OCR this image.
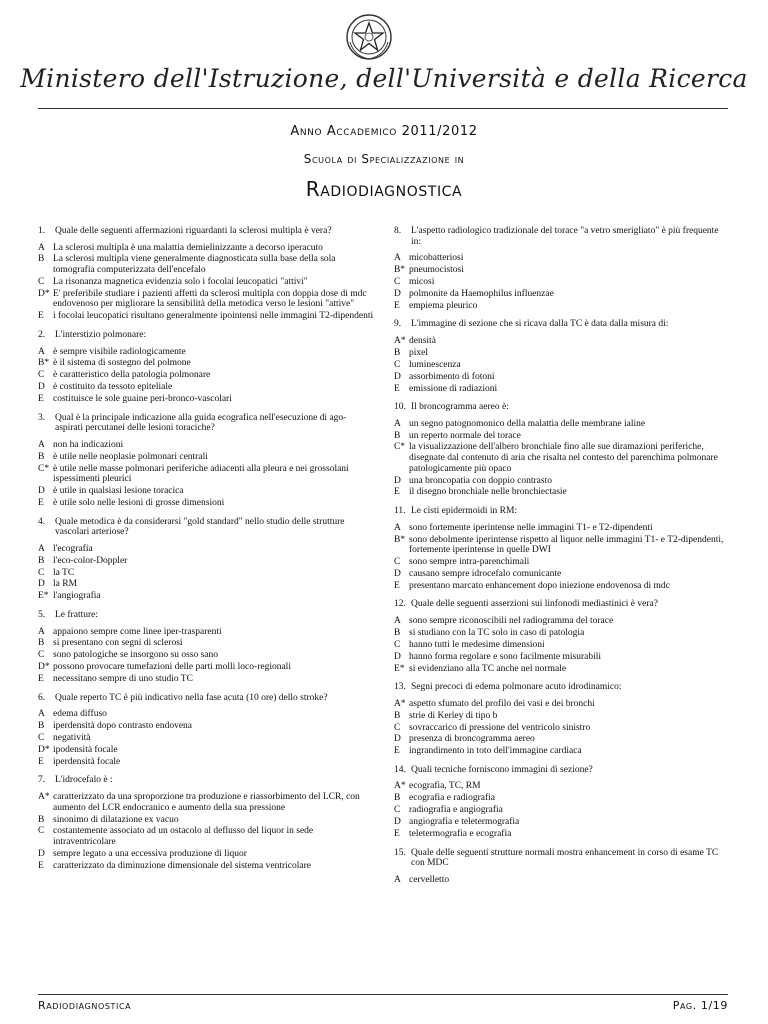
Ministero dell'Istruzione, dell'Università e della Ricerca
Anno Accademico 2011/2012
Scuola di Specializzazione in
Radiodiagnostica
1.	Quale delle seguenti affermazioni riguardanti la sclerosi multipla è vera?
A La sclerosi multipla è una malattia demielinizzante a decorso iperacuto
B La sclerosi multipla viene generalmente diagnosticata sulla base della sola tomografia computerizzata dell'encefalo
C La risonanza magnetica evidenzia solo i focolai leucopatici "attivi"
D* E' preferibile studiare i pazienti affetti da sclerosi multipla con doppia dose di mdc endovenoso per migliorare la sensibilità della metodica verso le lesioni "attive"
E i focolai leucopatici risultano generalmente ipointensi nelle immagini T2-dipendenti
2.	L'interstizio polmonare:
A è sempre visibile radiologicamente
B* è il sistema di sostegno del polmone
C è caratteristico della patologia polmonare
D è costituito da tessoto epiteliale
E costituisce le sole guaine peri-bronco-vascolari
3.	Qual è la principale indicazione alla guida ecografica nell'esecuzione di ago-aspirati percutanei delle lesioni toraciche?
A non ha indicazioni
B è utile nelle neoplasie polmonari centrali
C* è utile nelle masse polmonari periferiche adiacenti alla pleura e nei grossolani ispessimenti pleurici
D è utile in qualsiasi lesione toracica
E è utile solo nelle lesioni di grosse dimensioni
4.	Quale metodica è da considerarsi "gold standard" nello studio delle strutture vascolari arteriose?
A l'ecografia
B l'eco-color-Doppler
C la TC
D la RM
E* l'angiografia
5.	Le fratture:
A appaiono sempre come linee iper-trasparenti
B si presentano con segni di sclerosi
C sono patologiche se insorgono su osso sano
D* possono provocare tumefazioni delle parti molli loco-regionali
E necessitano sempre di uno studio TC
6.	Quale reperto TC è più indicativo nella fase acuta (10 ore) dello stroke?
A edema diffuso
B iperdensità dopo contrasto endovena
C negatività
D* ipodensità focale
E iperdensità focale
7.	L'idrocefalo è :
A* caratterizzato da una sproporzione tra produzione e riassorbimento del LCR, con aumento del LCR endocranico e aumento della sua pressione
B sinonimo di dilatazione ex vacuo
C costantemente associato ad un ostacolo al deflusso del liquor in sede intraventricolare
D sempre legato a una eccessiva produzione di liquor
E caratterizzato da diminuzione dimensionale del sistema ventricolare
8.	L'aspetto radiologico tradizionale del torace "a vetro smerigliato" è più frequente in:
A micobatteriosi
B* pneumocistosi
C micosi
D polmonite da Haemophilus influenzae
E empiema pleurico
9.	L'immagine di sezione che si ricava dalla TC è data dalla misura di:
A* densità
B pixel
C luminescenza
D assorbimento di fotoni
E emissione di radiazioni
10. Il broncogramma aereo è:
A un segno patognomonico della malattia delle membrane ialine
B un reperto normale del torace
C* la visualizzazione dell'albero bronchiale fino alle sue diramazioni periferiche, disegnate dal contenuto di aria che risalta nel contesto del parenchima polmonare patologicamente più opaco
D una broncopatia con doppio contrasto
E il disegno bronchiale nelle bronchiectasie
11. Le cisti epidermoidi in RM:
A sono fortemente iperintense nelle immagini T1- e T2-dipendenti
B* sono debolmente iperintense rispetto al liquor nelle immagini T1- e T2-dipendenti, fortemente iperintense in quelle DWI
C sono sempre intra-parenchimali
D causano sempre idrocefalo comunicante
E presentano marcato enhancement dopo iniezione endovenosa di mdc
12. Quale delle seguenti asserzioni sui linfonodi mediastinici è vera?
A sono sempre riconoscibili nel radiogramma del torace
B si studiano con la TC solo in caso di patologia
C hanno tutti le medesime dimensioni
D hanno forma regolare e sono facilmente misurabili
E* si evidenziano alla TC anche nel normale
13. Segni precoci di edema polmonare acuto idrodinamico:
A* aspetto sfumato del profilo dei vasi e dei bronchi
B strie di Kerley di tipo b
C sovraccarico di pressione del ventricolo sinistro
D presenza di broncogramma aereo
E ingrandimento in toto dell'immagine cardiaca
14. Quali tecniche forniscono immagini di sezione?
A* ecografia, TC, RM
B ecografia e radiografia
C radiografia e angiografia
D angiografia e teletermografia
E teletermografia e ecografia
15. Quale delle seguenti strutture normali mostra enhancement in corso di esame TC con MDC
A cervelletto
Radiodiagnostica	Pag. 1/19
